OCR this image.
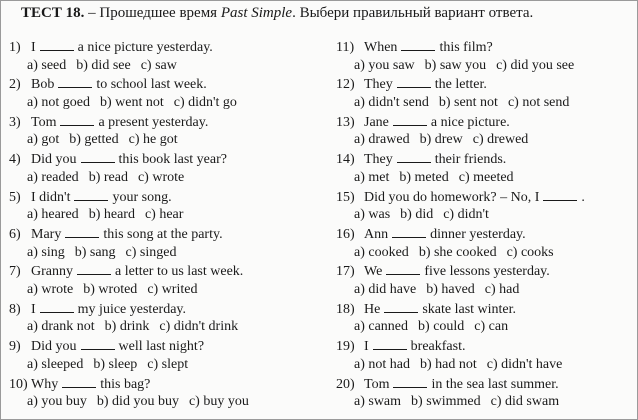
ТЕСТ 18. – Прошедшее время Past Simple. Выбери правильный вариант ответа.
1) I	a nice picture yesterday.
a) seed b) did see c) saw
2) Bob	to school last week.
a) not goed b) went not c) didn't go
3) Tom	a present yesterday.
a) got b) getted c) he got
4) Did you	this book last year?
a) readed b) read c) wrote
5) I didn't	your song.
a) heared b) heard c) hear
6) Mary	this song at the party.
a) sing b) sang c) singed
7) Granny	a letter to us last week.
a) wrote b) wroted c) writed
8) I	my juice yesterday.
a) drank not b) drink c) didn't drink
9) Did you	well last night?
a) sleeped b) sleep c) slept
10) Why	this bag?
a) you buy b) did you buy c) buy you
11) When	this film?
a) you saw b) saw you c) did you see
12) They	the letter.
a) didn't send b) sent not c) not send
13) Jane	a nice picture.
a) drawed b) drew c) drewed
14) They	their friends.
a) met b) meted c) meeted
15) Did you do homework? – No, I	.
a) was b) did c) didn't
16) Ann	dinner yesterday.
a) cooked b) she cooked c) cooks
17) We	five lessons yesterday.
a) did have b) haved c) had
18) He	skate last winter.
a) canned b) could c) can
19) I	breakfast.
a) not had b) had not c) didn't have
20) Tom	in the sea last summer.
a) swam b) swimmed c) did swam
